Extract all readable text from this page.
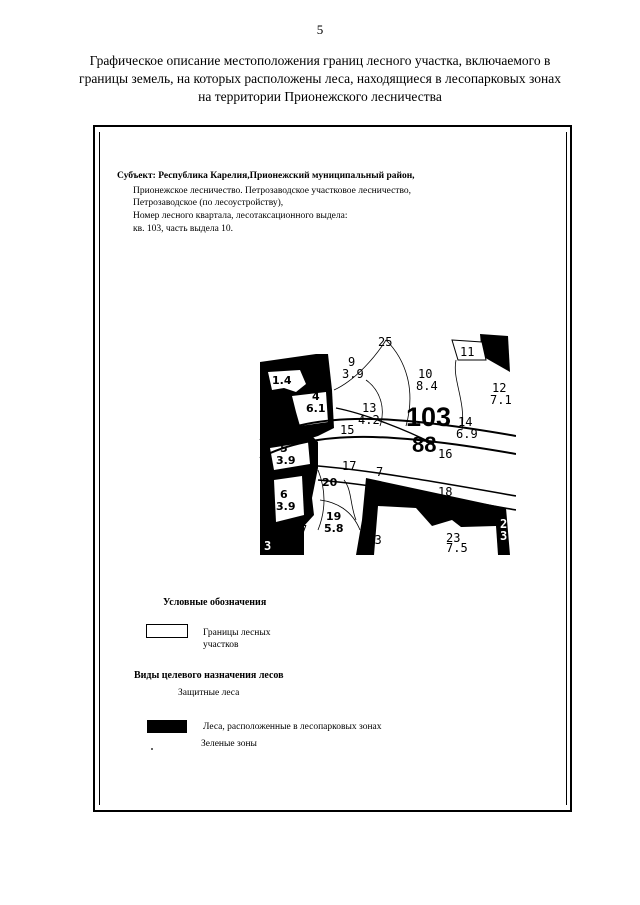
5
Графическое описание местоположения границ лесного участка, включаемого в
границы земель, на которых расположены леса, находящиеся в лесопарковых зонах
на территории Прионежского лесничества
Субъект: Республика Карелия,Прионежский муниципальный район,
Прионежское лесничество. Петрозаводское участковое лесничество,
Петрозаводское (по лесоустройству),
Номер лесного квартала, лесотаксационного выдела:
кв. 103, часть выдела 10.
103
88
25
11
9
3.9	10
8.4	12
7.1
1.4
4
6.1	13
4.2	14
6.9
15
16
5
3.9	17 7
20
18
6
3.9
19
5.8 21
4.3
7
3
23
7.5
24
3.
Условные обозначения
Границы лесных участков
Виды целевого назначения лесов
Защитные леса
Леса, расположенные в лесопарковых зонах
Зеленые зоны
